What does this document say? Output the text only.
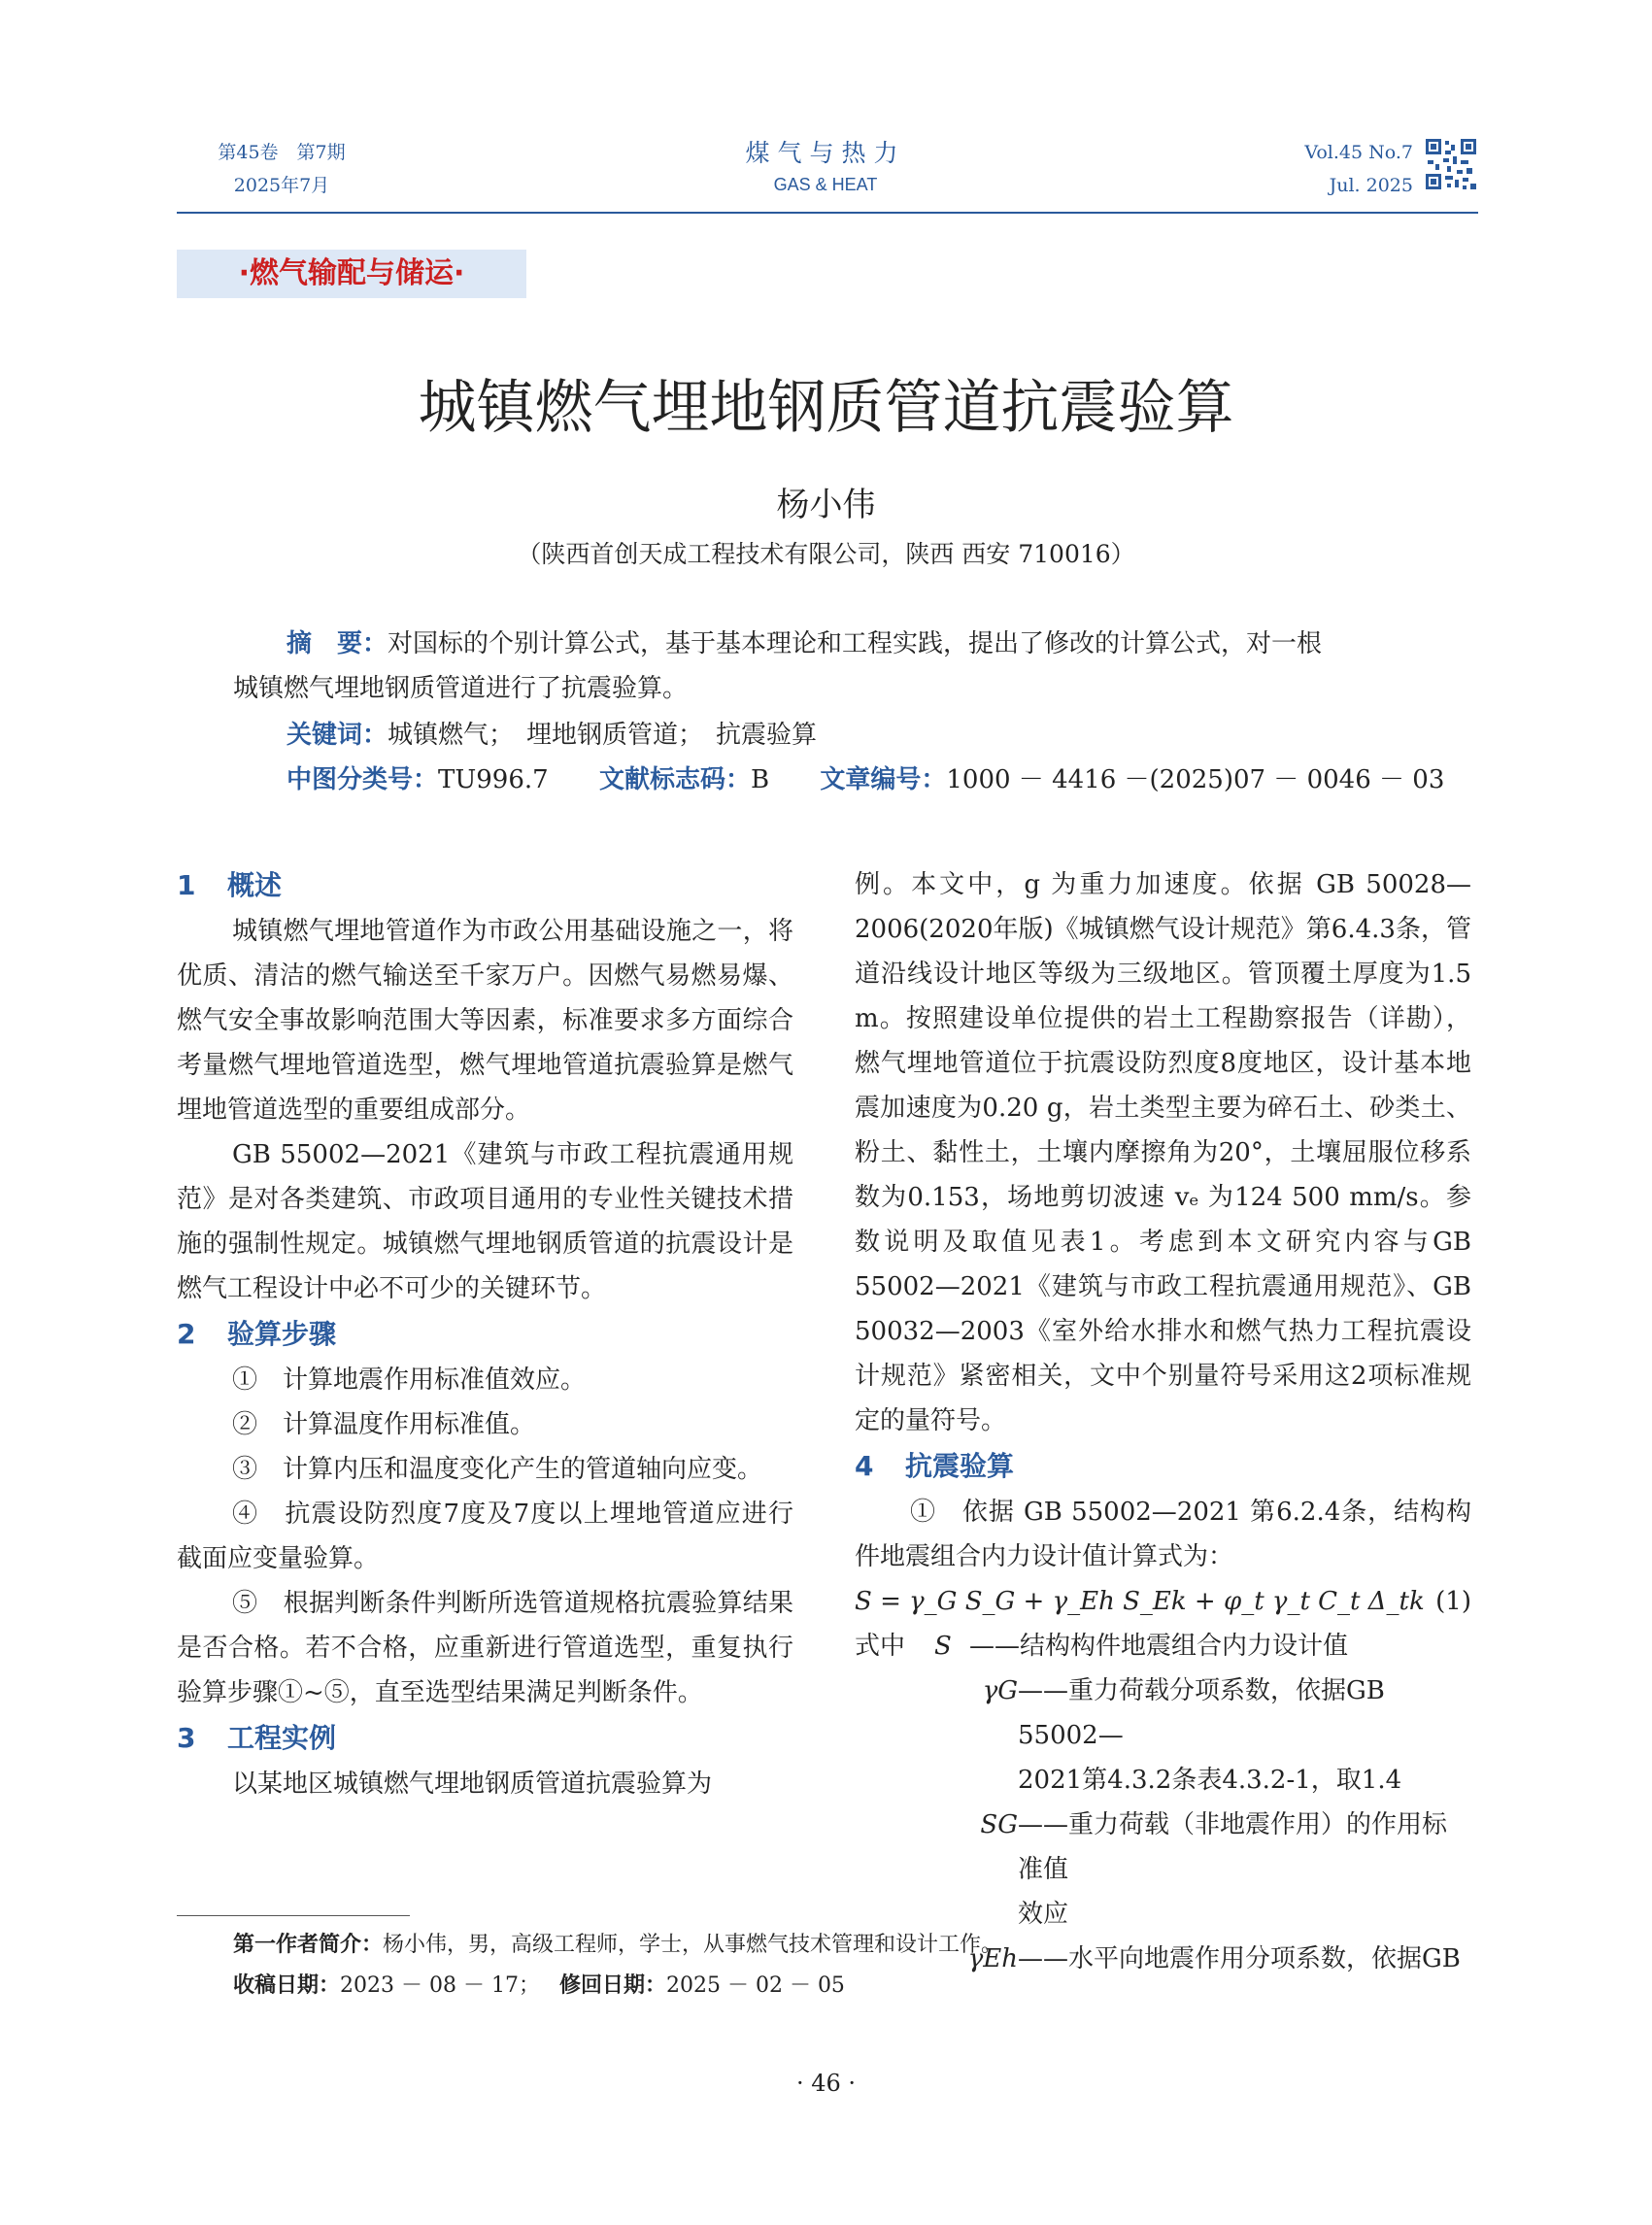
第45卷　第7期
2025年7月
煤气与热力
GAS & HEAT
Vol.45 No.7
Jul. 2025
·燃气输配与储运·
城镇燃气埋地钢质管道抗震验算
杨小伟
（陕西首创天成工程技术有限公司，陕西 西安 710016）
摘　要：对国标的个别计算公式，基于基本理论和工程实践，提出了修改的计算公式，对一根
城镇燃气埋地钢质管道进行了抗震验算。
关键词：城镇燃气；　埋地钢质管道；　抗震验算
中图分类号：TU996.7 文献标志码：B 文章编号：1000 － 4416 －(2025)07 － 0046 － 03

1 概述

城镇燃气埋地管道作为市政公用基础设施之一，将优质、清洁的燃气输送至千家万户。因燃气易燃易爆、燃气安全事故影响范围大等因素，标准要求多方面综合考量燃气埋地管道选型，燃气埋地管道抗震验算是燃气埋地管道选型的重要组成部分。

GB 55002—2021《建筑与市政工程抗震通用规范》是对各类建筑、市政项目通用的专业性关键技术措施的强制性规定。城镇燃气埋地钢质管道的抗震设计是燃气工程设计中必不可少的关键环节。

2 验算步骤

①　计算地震作用标准值效应。

②　计算温度作用标准值。

③　计算内压和温度变化产生的管道轴向应变。

④　抗震设防烈度7度及7度以上埋地管道应进行截面应变量验算。

⑤　根据判断条件判断所选管道规格抗震验算结果是否合格。若不合格，应重新进行管道选型，重复执行验算步骤①~⑤，直至选型结果满足判断条件。

3 工程实例

以某地区城镇燃气埋地钢质管道抗震验算为

例。本文中，g 为重力加速度。依据 GB 50028—2006(2020年版)《城镇燃气设计规范》第6.4.3条，管道沿线设计地区等级为三级地区。管顶覆土厚度为1.5 m。按照建设单位提供的岩土工程勘察报告（详勘），燃气埋地管道位于抗震设防烈度8度地区，设计基本地震加速度为0.20 g，岩土类型主要为碎石土、砂类土、粉土、黏性土，土壤内摩擦角为20°，土壤屈服位移系数为0.153，场地剪切波速 vₑ 为124 500 mm/s。参数说明及取值见表1。考虑到本文研究内容与GB 55002—2021《建筑与市政工程抗震通用规范》、GB 50032—2003《室外给水排水和燃气热力工程抗震设计规范》紧密相关，文中个别量符号采用这2项标准规定的量符号。

4 抗震验算

①　依据 GB 55002—2021 第6.2.4条，结构构件地震组合内力设计值计算式为：

S = γ_G S_G + γ_Eh S_Ek + φ_t γ_t C_t Δ_tk (1)

式中	S ——结构构件地震组合内力设计值
γG ——重力荷载分项系数，依据GB 55002—
2021第4.3.2条表4.3.2-1，取1.4
SG ——重力荷载（非地震作用）的作用标准值
效应
γEh ——水平向地震作用分项系数，依据GB
第一作者简介：杨小伟，男，高级工程师，学士，从事燃气技术管理和设计工作。
收稿日期：2023 － 08 － 17； 修回日期：2025 － 02 － 05
· 46 ·
